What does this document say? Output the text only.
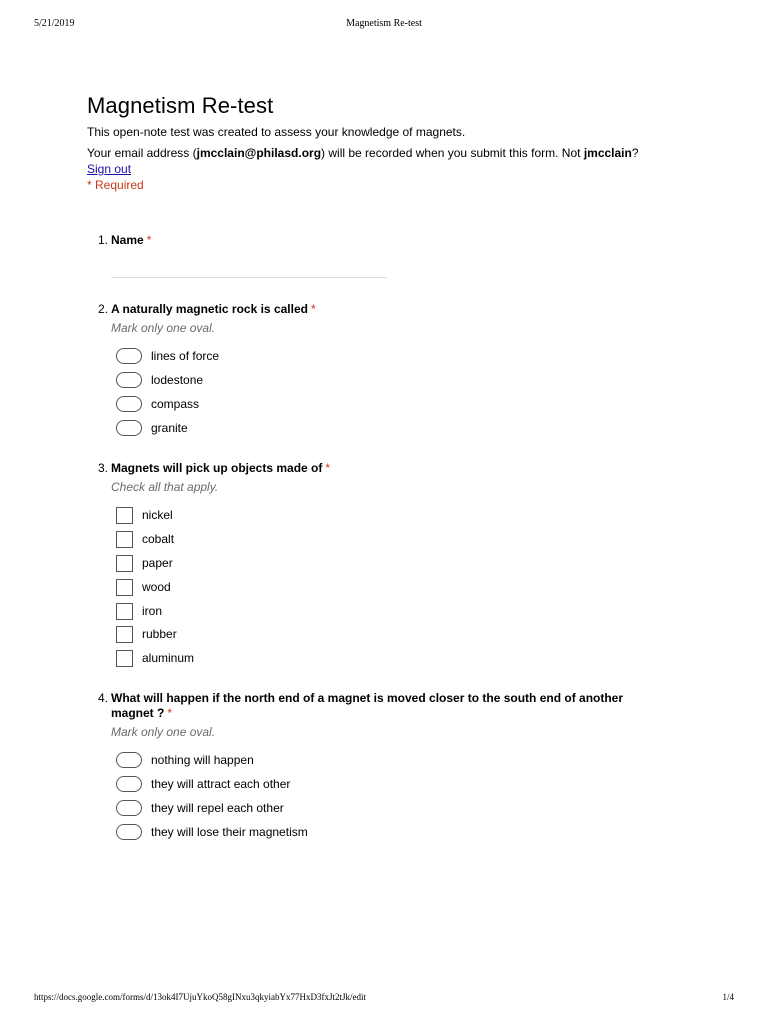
5/21/2019	Magnetism Re-test
Magnetism Re-test
This open-note test was created to assess your knowledge of magnets.
Your email address (jmcclain@philasd.org) will be recorded when you submit this form. Not jmcclain?
Sign out
* Required
1. Name *
2. A naturally magnetic rock is called *
Mark only one oval.
lines of force
lodestone
compass
granite
3. Magnets will pick up objects made of *
Check all that apply.
nickel
cobalt
paper
wood
iron
rubber
aluminum
4. What will happen if the north end of a magnet is moved closer to the south end of another magnet ? *
Mark only one oval.
nothing will happen
they will attract each other
they will repel each other
they will lose their magnetism
https://docs.google.com/forms/d/13ok4I7UjuYkoQ58gINxu3qkyiabYx77HxD3fxJt2tJk/edit	1/4
